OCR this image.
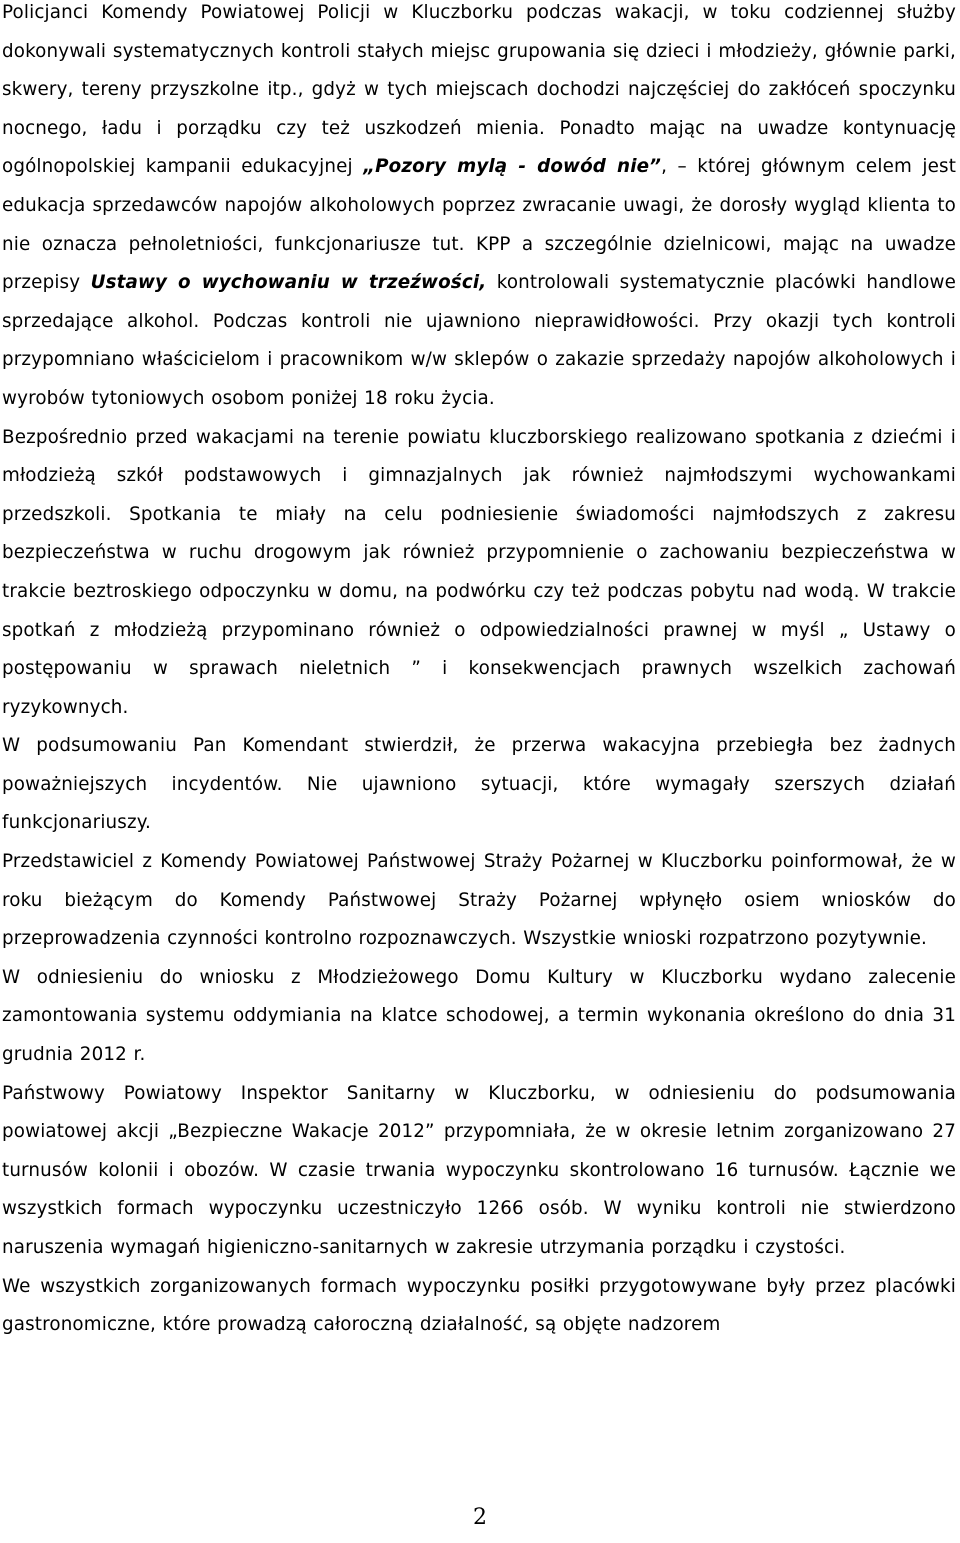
Policjanci Komendy Powiatowej Policji w Kluczborku podczas wakacji, w toku codziennej służby dokonywali systematycznych kontroli stałych miejsc grupowania się dzieci i młodzieży, głównie parki, skwery, tereny przyszkolne itp., gdyż w tych miejscach dochodzi najczęściej do zakłóceń spoczynku nocnego, ładu i porządku czy też uszkodzeń mienia. Ponadto mając na uwadze kontynuację ogólnopolskiej kampanii edukacyjnej „Pozory mylą - dowód nie”, – której głównym celem jest edukacja sprzedawców napojów alkoholowych poprzez zwracanie uwagi, że dorosły wygląd klienta to nie oznacza pełnoletniości, funkcjonariusze tut. KPP a szczególnie dzielnicowi, mając na uwadze przepisy Ustawy o wychowaniu w trzeźwości, kontrolowali systematycznie placówki handlowe sprzedające alkohol. Podczas kontroli nie ujawniono nieprawidłowości. Przy okazji tych kontroli przypomniano właścicielom i pracownikom w/w sklepów o zakazie sprzedaży napojów alkoholowych i wyrobów tytoniowych osobom poniżej 18 roku życia.

Bezpośrednio przed wakacjami na terenie powiatu kluczborskiego realizowano spotkania z dziećmi i młodzieżą szkół podstawowych i gimnazjalnych jak również najmłodszymi wychowankami przedszkoli. Spotkania te miały na celu podniesienie świadomości najmłodszych z zakresu bezpieczeństwa w ruchu drogowym jak również przypomnienie o zachowaniu bezpieczeństwa w trakcie beztroskiego odpoczynku w domu, na podwórku czy też podczas pobytu nad wodą. W trakcie spotkań z młodzieżą przypominano również o odpowiedzialności prawnej w myśl „ Ustawy o postępowaniu w sprawach nieletnich ” i konsekwencjach prawnych wszelkich zachowań ryzykownych.

W podsumowaniu Pan Komendant stwierdził, że przerwa wakacyjna przebiegła bez żadnych poważniejszych incydentów. Nie ujawniono sytuacji, które wymagały szerszych działań funkcjonariuszy.

Przedstawiciel z Komendy Powiatowej Państwowej Straży Pożarnej w Kluczborku poinformował, że w roku bieżącym do Komendy Państwowej Straży Pożarnej wpłynęło osiem wniosków do przeprowadzenia czynności kontrolno rozpoznawczych. Wszystkie wnioski rozpatrzono pozytywnie.

W odniesieniu do wniosku z Młodzieżowego Domu Kultury w Kluczborku wydano zalecenie zamontowania systemu oddymiania na klatce schodowej, a termin wykonania określono do dnia 31 grudnia 2012 r.

Państwowy Powiatowy Inspektor Sanitarny w Kluczborku, w odniesieniu do podsumowania powiatowej akcji „Bezpieczne Wakacje 2012” przypomniała, że w okresie letnim zorganizowano 27 turnusów kolonii i obozów. W czasie trwania wypoczynku skontrolowano 16 turnusów. Łącznie we wszystkich formach wypoczynku uczestniczyło 1266 osób. W wyniku kontroli nie stwierdzono naruszenia wymagań higieniczno-sanitarnych w zakresie utrzymania porządku i czystości.

We wszystkich zorganizowanych formach wypoczynku posiłki przygotowywane były przez placówki gastronomiczne, które prowadzą całoroczną działalność, są objęte nadzorem

2
